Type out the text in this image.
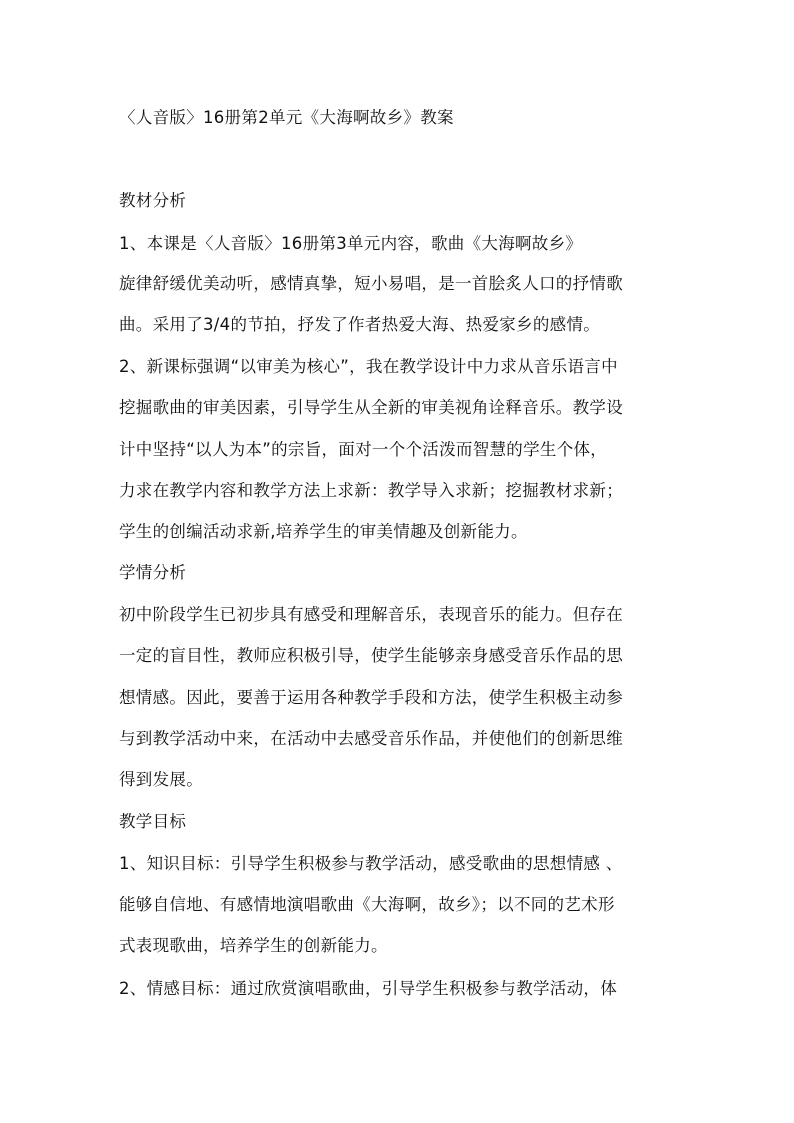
〈人音版〉16册第2单元《大海啊故乡》教案
教材分析
1、本课是〈人音版〉16册第3单元内容，歌曲《大海啊故乡》
旋律舒缓优美动听，感情真挚，短小易唱，是一首脍炙人口的抒情歌
曲。采用了3/4的节拍，抒发了作者热爱大海、热爱家乡的感情。
2、新课标强调“以审美为核心”，我在教学设计中力求从音乐语言中
挖掘歌曲的审美因素，引导学生从全新的审美视角诠释音乐。教学设
计中坚持“以人为本”的宗旨，面对一个个活泼而智慧的学生个体，
力求在教学内容和教学方法上求新：教学导入求新；挖掘教材求新；
学生的创编活动求新,培养学生的审美情趣及创新能力。
学情分析
初中阶段学生已初步具有感受和理解音乐，表现音乐的能力。但存在
一定的盲目性，教师应积极引导，使学生能够亲身感受音乐作品的思
想情感。因此，要善于运用各种教学手段和方法，使学生积极主动参
与到教学活动中来，在活动中去感受音乐作品，并使他们的创新思维
得到发展。
教学目标
1、知识目标：引导学生积极参与教学活动，感受歌曲的思想情感 、
能够自信地、有感情地演唱歌曲《大海啊，故乡》；以不同的艺术形
式表现歌曲，培养学生的创新能力。
2、情感目标：通过欣赏演唱歌曲，引导学生积极参与教学活动，体
